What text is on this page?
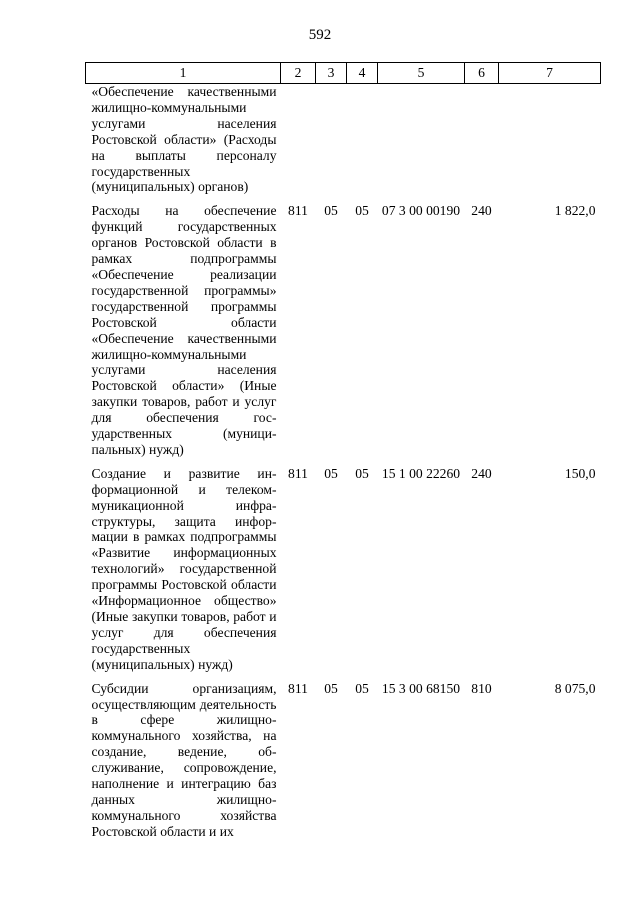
592
1	2	3	4	5	6	7
«Обеспечение качественными жилищно-коммунальными услугами населения Ростовской области» (Расходы на выплаты персоналу государственных (муниципальных) органов)						
Расходы на обеспечение функций государственных органов Ростовской области в рамках подпрограммы «Обеспечение реализации государственной программы» государственной программы Ростовской области «Обеспечение качественными жилищно-коммунальными услугами населения Ростовской области» (Иные закупки товаров, работ и услуг для обеспечения государственных (муниципальных) нужд)	811	05	05	07 3 00 00190	240	1 822,0
Создание и развитие информационной и телекоммуникационной инфраструктуры, защита информации в рамках подпрограммы «Развитие информационных технологий» государственной программы Ростовской области «Информационное общество» (Иные закупки товаров, работ и услуг для обеспечения государственных (муниципальных) нужд)	811	05	05	15 1 00 22260	240	150,0
Субсидии организациям, осуществляющим деятельность в сфере жилищно-коммунального хозяйства, на создание, ведение, обслуживание, сопровождение, наполнение и интеграцию баз данных жилищно-коммунального хозяйства Ростовской области и их	811	05	05	15 3 00 68150	810	8 075,0
